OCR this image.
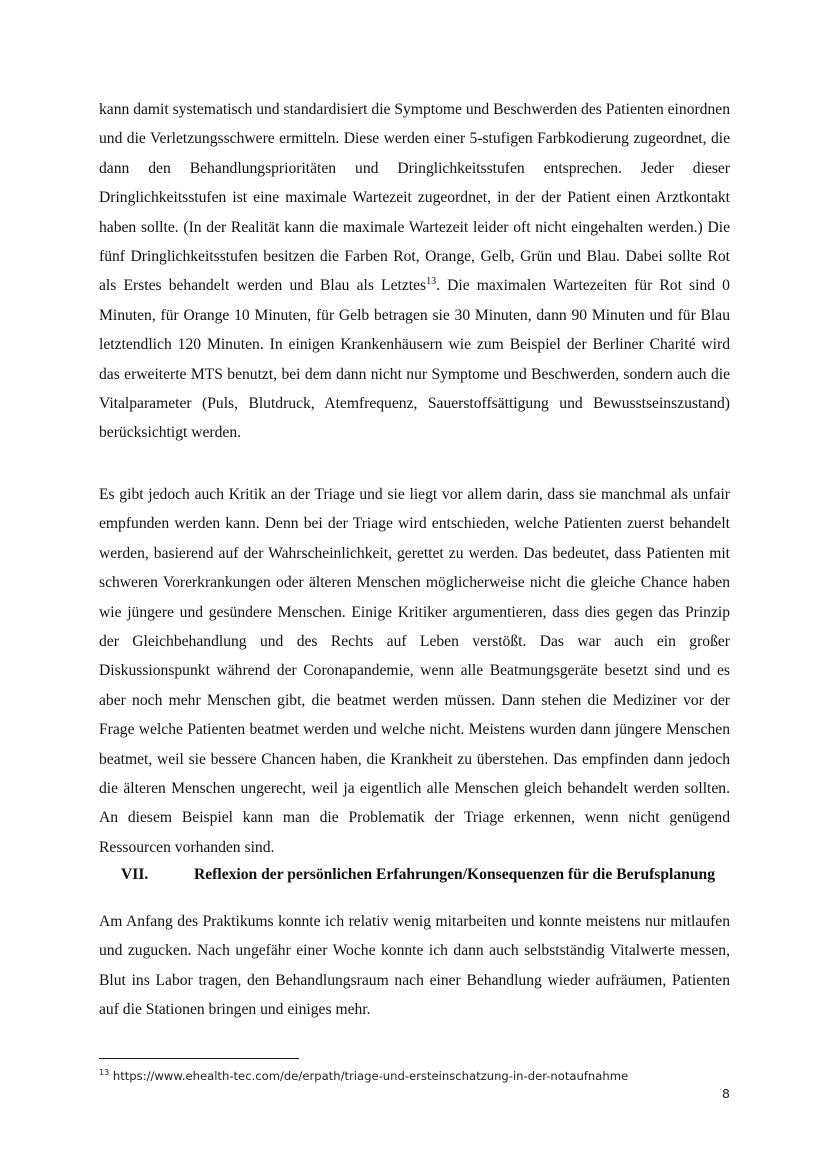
kann damit systematisch und standardisiert die Symptome und Beschwerden des Patienten einordnen und die Verletzungsschwere ermitteln. Diese werden einer 5-stufigen Farbkodierung zugeordnet, die dann den Behandlungsprioritäten und Dringlichkeitsstufen entsprechen. Jeder dieser Dringlichkeitsstufen ist eine maximale Wartezeit zugeordnet, in der der Patient einen Arztkontakt haben sollte. (In der Realität kann die maximale Wartezeit leider oft nicht eingehalten werden.) Die fünf Dringlichkeitsstufen besitzen die Farben Rot, Orange, Gelb, Grün und Blau. Dabei sollte Rot als Erstes behandelt werden und Blau als Letztes$^{13}$. Die maximalen Wartezeiten für Rot sind 0 Minuten, für Orange 10 Minuten, für Gelb betragen sie 30 Minuten, dann 90 Minuten und für Blau letztendlich 120 Minuten. In einigen Krankenhäusern wie zum Beispiel der Berliner Charité wird das erweiterte MTS benutzt, bei dem dann nicht nur Symptome und Beschwerden, sondern auch die Vitalparameter (Puls, Blutdruck, Atemfrequenz, Sauerstoffsättigung und Bewusstseinszustand) berücksichtigt werden.

Es gibt jedoch auch Kritik an der Triage und sie liegt vor allem darin, dass sie manchmal als unfair empfunden werden kann. Denn bei der Triage wird entschieden, welche Patienten zuerst behandelt werden, basierend auf der Wahrscheinlichkeit, gerettet zu werden. Das bedeutet, dass Patienten mit schweren Vorerkrankungen oder älteren Menschen möglicherweise nicht die gleiche Chance haben wie jüngere und gesündere Menschen. Einige Kritiker argumentieren, dass dies gegen das Prinzip der Gleichbehandlung und des Rechts auf Leben verstößt. Das war auch ein großer Diskussionspunkt während der Coronapandemie, wenn alle Beatmungsgeräte besetzt sind und es aber noch mehr Menschen gibt, die beatmet werden müssen. Dann stehen die Mediziner vor der Frage welche Patienten beatmet werden und welche nicht. Meistens wurden dann jüngere Menschen beatmet, weil sie bessere Chancen haben, die Krankheit zu überstehen. Das empfinden dann jedoch die älteren Menschen ungerecht, weil ja eigentlich alle Menschen gleich behandelt werden sollten. An diesem Beispiel kann man die Problematik der Triage erkennen, wenn nicht genügend Ressourcen vorhanden sind.

VII.	Reflexion der persönlichen Erfahrungen/Konsequenzen für die Berufsplanung

Am Anfang des Praktikums konnte ich relativ wenig mitarbeiten und konnte meistens nur mitlaufen und zugucken. Nach ungefähr einer Woche konnte ich dann auch selbstständig Vitalwerte messen, Blut ins Labor tragen, den Behandlungsraum nach einer Behandlung wieder aufräumen, Patienten auf die Stationen bringen und einiges mehr.

$^{13}$ https://www.ehealth-tec.com/de/erpath/triage-und-ersteinschatzung-in-der-notaufnahme
8
